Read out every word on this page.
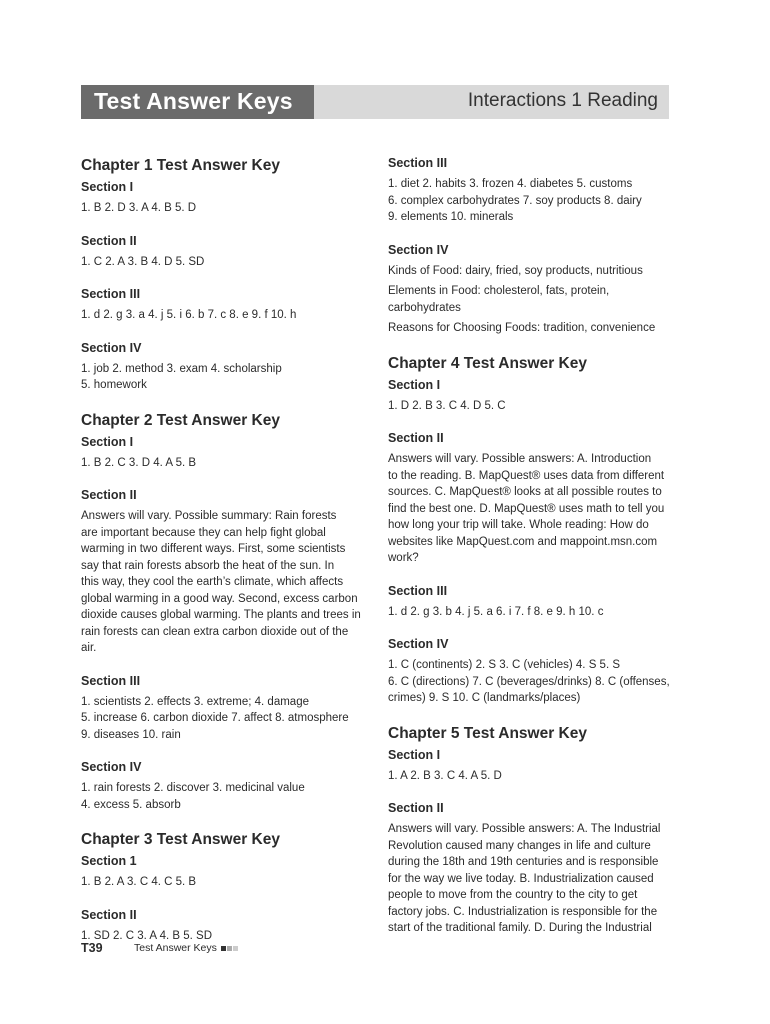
Test Answer Keys	Interactions 1 Reading
Chapter 1 Test Answer Key

Section I

1. B 2. D 3. A 4. B 5. D

Section II

1. C 2. A 3. B 4. D 5. SD

Section III

1. d 2. g 3. a 4. j 5. i 6. b 7. c 8. e 9. f 10. h

Section IV

1. job 2. method 3. exam 4. scholarship

5. homework

Chapter 2 Test Answer Key

Section I

1. B 2. C 3. D 4. A 5. B

Section II

Answers will vary. Possible summary: Rain forests

are important because they can help fight global

warming in two different ways. First, some scientists

say that rain forests absorb the heat of the sun. In

this way, they cool the earth’s climate, which affects

global warming in a good way. Second, excess carbon

dioxide causes global warming. The plants and trees in

rain forests can clean extra carbon dioxide out of the

air.

Section III

1. scientists 2. effects 3. extreme; 4. damage

5. increase 6. carbon dioxide 7. affect 8. atmosphere

9. diseases 10. rain

Section IV

1. rain forests 2. discover 3. medicinal value

4. excess 5. absorb

Chapter 3 Test Answer Key

Section 1

1. B 2. A 3. C 4. C 5. B

Section II

1. SD 2. C 3. A 4. B 5. SD

Section III

1. diet 2. habits 3. frozen 4. diabetes 5. customs

6. complex carbohydrates 7. soy products 8. dairy

9. elements 10. minerals

Section IV

Kinds of Food: dairy, fried, soy products, nutritious

Elements in Food: cholesterol, fats, protein,

carbohydrates

Reasons for Choosing Foods: tradition, convenience

Chapter 4 Test Answer Key

Section I

1. D 2. B 3. C 4. D 5. C

Section II

Answers will vary. Possible answers: A. Introduction

to the reading. B. MapQuest® uses data from different

sources. C. MapQuest® looks at all possible routes to

find the best one. D. MapQuest® uses math to tell you

how long your trip will take. Whole reading: How do

websites like MapQuest.com and mappoint.msn.com

work?

Section III

1. d 2. g 3. b 4. j 5. a 6. i 7. f 8. e 9. h 10. c

Section IV

1. C (continents) 2. S 3. C (vehicles) 4. S 5. S

6. C (directions) 7. C (beverages/drinks) 8. C (offenses,

crimes) 9. S 10. C (landmarks/places)

Chapter 5 Test Answer Key

Section I

1. A 2. B 3. C 4. A 5. D

Section II

Answers will vary. Possible answers: A. The Industrial

Revolution caused many changes in life and culture

during the 18th and 19th centuries and is responsible

for the way we live today. B. Industrialization caused

people to move from the country to the city to get

factory jobs. C. Industrialization is responsible for the

start of the traditional family. D. During the Industrial

T39	Test Answer Keys
